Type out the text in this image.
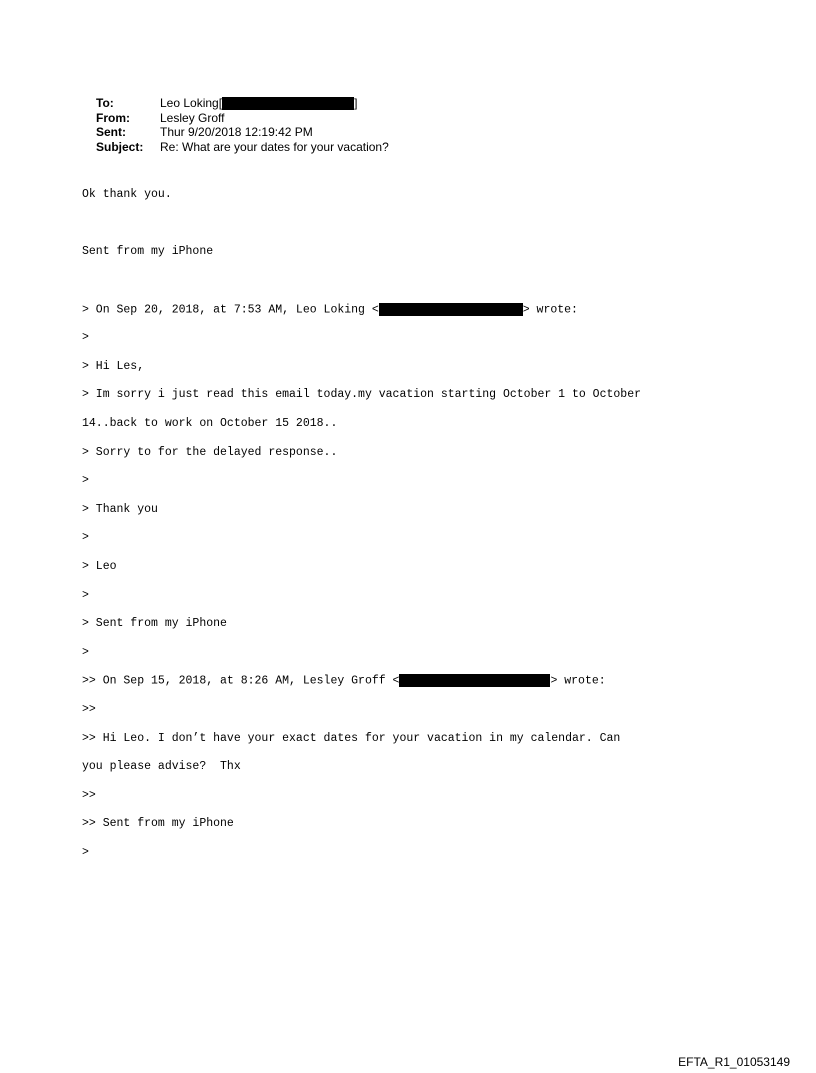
To:	Leo Loking[	]
From:	Lesley Groff
Sent:	Thur 9/20/2018 12:19:42 PM
Subject:	Re: What are your dates for your vacation?

Ok thank you.

Sent from my iPhone

> On Sep 20, 2018, at 7:53 AM, Leo Loking <	> wrote:

>

> Hi Les,

> Im sorry i just read this email today.my vacation starting October 1 to October

14..back to work on October 15 2018..

> Sorry to for the delayed response..

>

> Thank you

>

> Leo

>

> Sent from my iPhone

>

>> On Sep 15, 2018, at 8:26 AM, Lesley Groff <	> wrote:

>>

>> Hi Leo. I don’t have your exact dates for your vacation in my calendar. Can

you please advise?  Thx

>>

>> Sent from my iPhone

>

EFTA_R1_01053149
